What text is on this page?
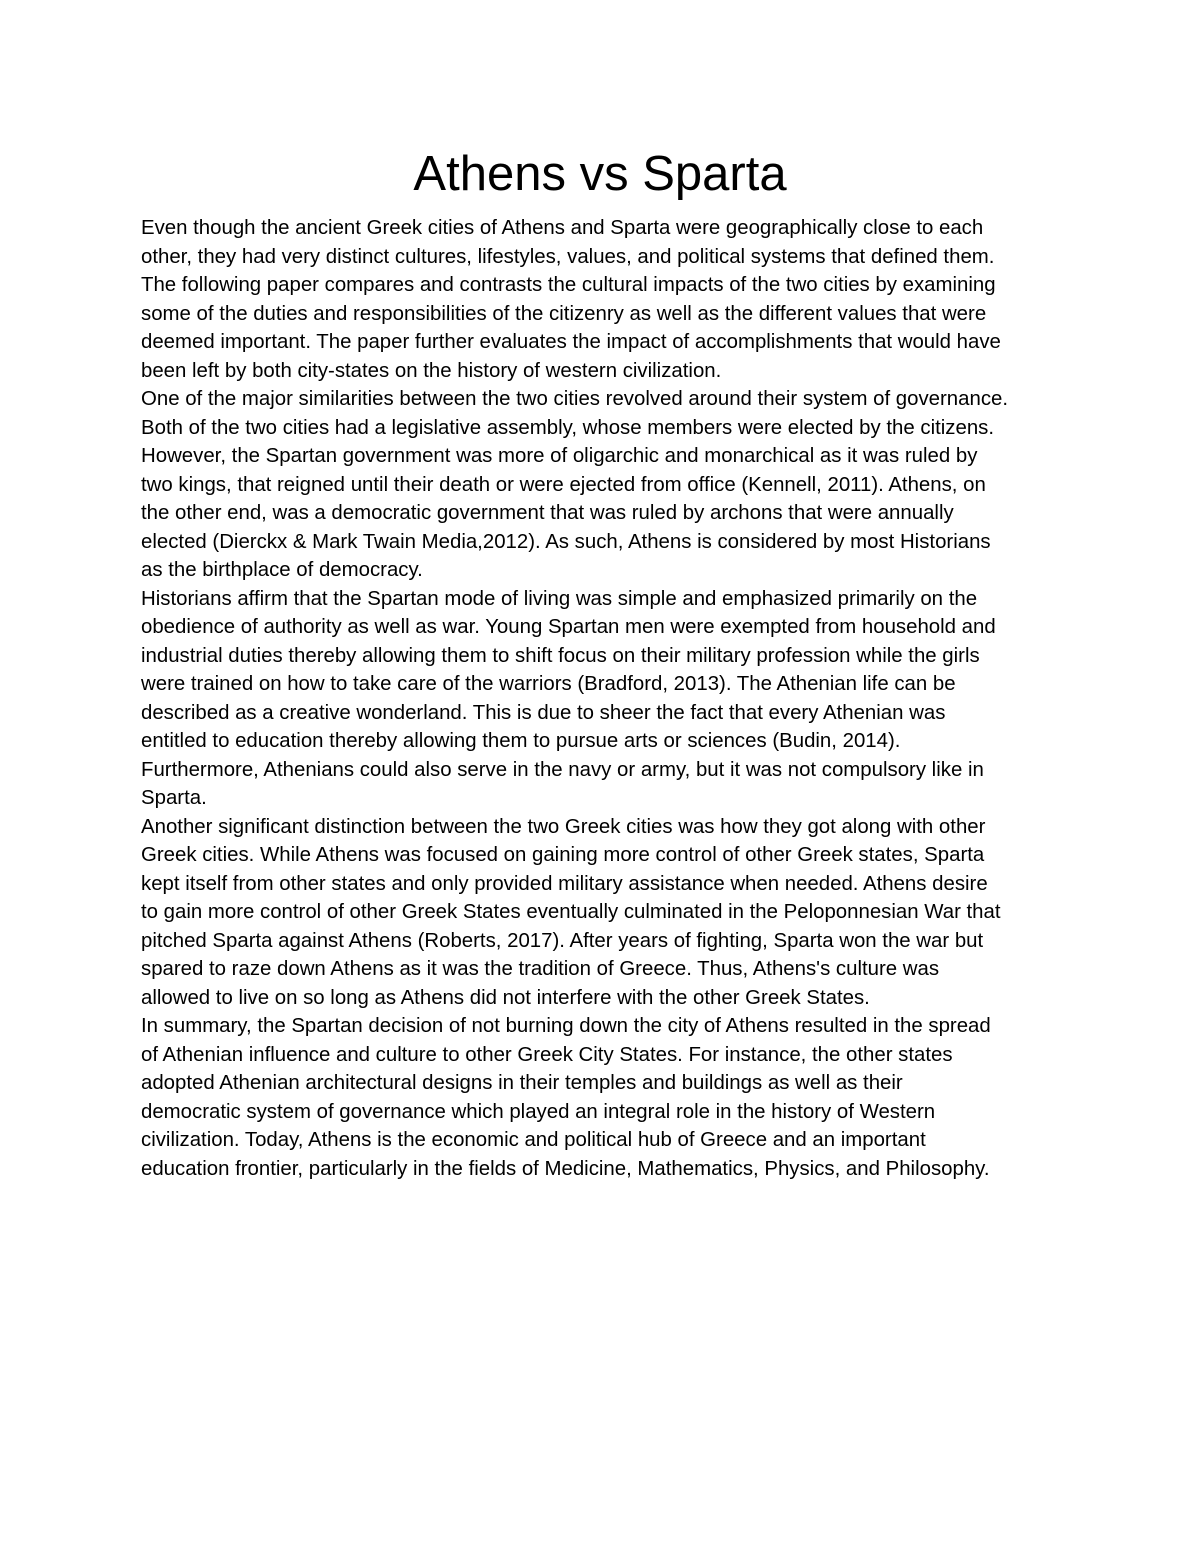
Athens vs Sparta
Even though the ancient Greek cities of Athens and Sparta were geographically close to each
other, they had very distinct cultures, lifestyles, values, and political systems that defined them.
The following paper compares and contrasts the cultural impacts of the two cities by examining
some of the duties and responsibilities of the citizenry as well as the different values that were
deemed important. The paper further evaluates the impact of accomplishments that would have
been left by both city-states on the history of western civilization.
One of the major similarities between the two cities revolved around their system of governance.
Both of the two cities had a legislative assembly, whose members were elected by the citizens.
However, the Spartan government was more of oligarchic and monarchical as it was ruled by
two kings, that reigned until their death or were ejected from office (Kennell, 2011). Athens, on
the other end, was a democratic government that was ruled by archons that were annually
elected (Dierckx & Mark Twain Media,2012). As such, Athens is considered by most Historians
as the birthplace of democracy.
Historians affirm that the Spartan mode of living was simple and emphasized primarily on the
obedience of authority as well as war. Young Spartan men were exempted from household and
industrial duties thereby allowing them to shift focus on their military profession while the girls
were trained on how to take care of the warriors (Bradford, 2013). The Athenian life can be
described as a creative wonderland. This is due to sheer the fact that every Athenian was
entitled to education thereby allowing them to pursue arts or sciences (Budin, 2014).
Furthermore, Athenians could also serve in the navy or army, but it was not compulsory like in
Sparta.
Another significant distinction between the two Greek cities was how they got along with other
Greek cities. While Athens was focused on gaining more control of other Greek states, Sparta
kept itself from other states and only provided military assistance when needed. Athens desire
to gain more control of other Greek States eventually culminated in the Peloponnesian War that
pitched Sparta against Athens (Roberts, 2017). After years of fighting, Sparta won the war but
spared to raze down Athens as it was the tradition of Greece. Thus, Athens's culture was
allowed to live on so long as Athens did not interfere with the other Greek States.
In summary, the Spartan decision of not burning down the city of Athens resulted in the spread
of Athenian influence and culture to other Greek City States. For instance, the other states
adopted Athenian architectural designs in their temples and buildings as well as their
democratic system of governance which played an integral role in the history of Western
civilization. Today, Athens is the economic and political hub of Greece and an important
education frontier, particularly in the fields of Medicine, Mathematics, Physics, and Philosophy.
